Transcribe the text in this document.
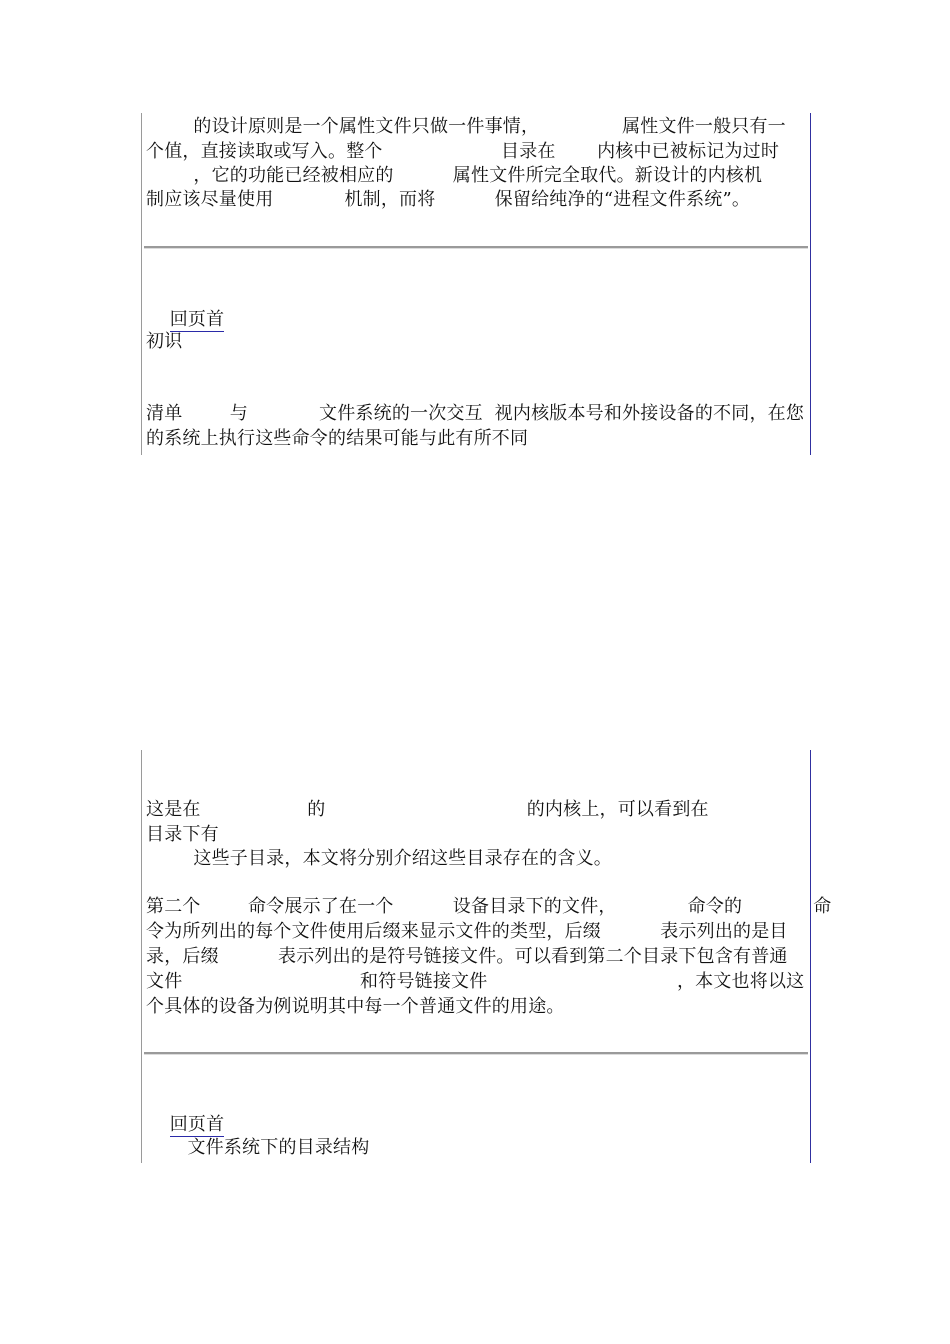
的设计原则是一个属性文件只做一件事情，              属性文件一般只有一
个值，直接读取或写入。整个                    目录在       内核中已被标记为过时
，它的功能已经被相应的          属性文件所完全取代。新设计的内核机
制应该尽量使用            机制，而将          保留给纯净的“进程文件系统”。

回页首

初识
清单        与            文件系统的一次交互  视内核版本号和外接设备的不同，在您
的系统上执行这些命令的结果可能与此有所不同
这是在                  的                                  的内核上，可以看到在
目录下有
这些子目录，本文将分别介绍这些目录存在的含义。
第二个        命令展示了在一个          设备目录下的文件，            命令的            命
令为所列出的每个文件使用后缀来显示文件的类型，后缀          表示列出的是目
录，后缀          表示列出的是符号链接文件。可以看到第二个目录下包含有普通
文件                              和符号链接文件                                ，本文也将以这
个具体的设备为例说明其中每一个普通文件的用途。

回页首

文件系统下的目录结构
